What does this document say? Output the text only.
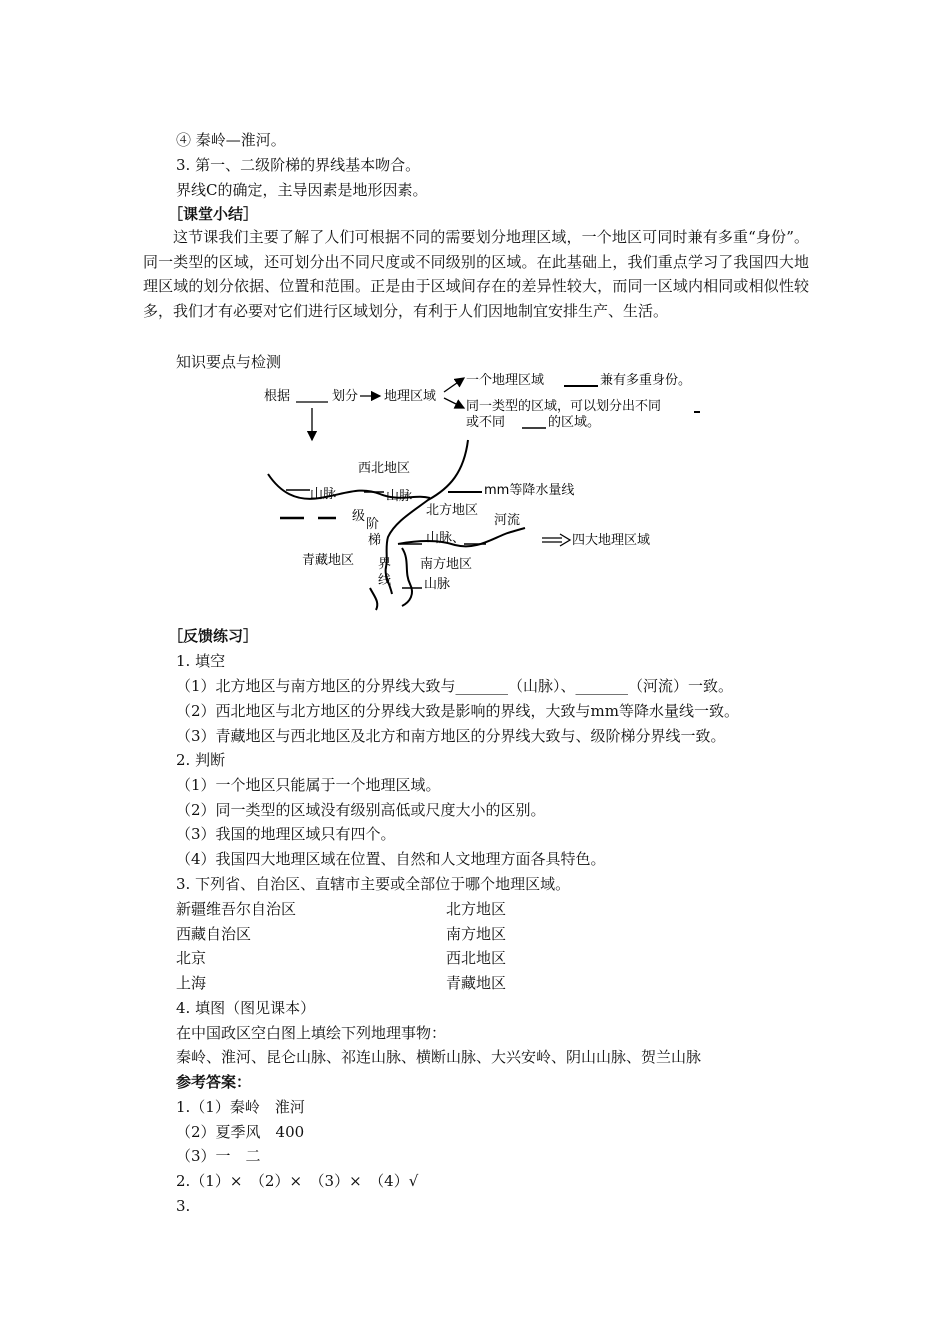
④ 秦岭—淮河。
3. 第一、二级阶梯的界线基本吻合。
界线C的确定，主导因素是地形因素。
［课堂小结］
这节课我们主要了解了人们可根据不同的需要划分地理区域，一个地区可同时兼有多重“身份”。同一类型的区域，还可划分出不同尺度或不同级别的区域。在此基础上，我们重点学习了我国四大地理区域的划分依据、位置和范围。正是由于区域间存在的差异性较大，而同一区域内相同或相似性较多，我们才有必要对它们进行区域划分，有利于人们因地制宜安排生产、生活。
知识要点与检测
根据	划分 地理区域
一个地理区域	兼有多重身份。
同一类型的区域，可以划分出不同
或不同	的区域。
西北地区
山脉	山脉	mm等降水量线
级
阶
梯
北方地区
河流
山脉、	四大地理区域
青藏地区 界
线
南方地区
山脉
［反馈练习］
1. 填空
（1）北方地区与南方地区的分界线大致与_______（山脉）、_______（河流）一致。
（2）西北地区与北方地区的分界线大致是影响的界线，大致与mm等降水量线一致。
（3）青藏地区与西北地区及北方和南方地区的分界线大致与、级阶梯分界线一致。
2. 判断
（1）一个地区只能属于一个地理区域。
（2）同一类型的区域没有级别高低或尺度大小的区别。
（3）我国的地理区域只有四个。
（4）我国四大地理区域在位置、自然和人文地理方面各具特色。
3. 下列省、自治区、直辖市主要或全部位于哪个地理区域。
新疆维吾尔自治区	北方地区
西藏自治区	南方地区
北京	西北地区
上海	青藏地区
4. 填图（图见课本）
在中国政区空白图上填绘下列地理事物：
秦岭、淮河、昆仑山脉、祁连山脉、横断山脉、大兴安岭、阴山山脉、贺兰山脉
参考答案：
1.（1）秦岭　淮河
（2）夏季风　400
（3）一　二
2.（1）×　（2）×　（3）×　（4）√
3.
